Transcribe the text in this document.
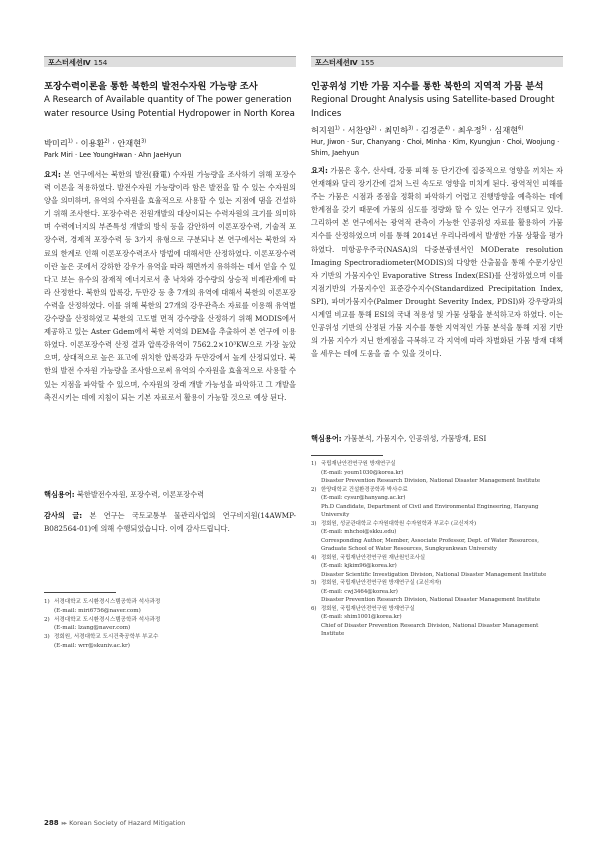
포스터세션Ⅳ 154
포장수력이론을 통한 북한의 발전수자원 가능량 조사
A Research of Available quantity of The power generation water resource Using Potential Hydropower in North Korea
박미리$^{1)}$ · 이용환$^{2)}$ · 안재현$^{3)}$
Park Miri · Lee YoungHwan · Ahn JaeHyun
요지: 본 연구에서는 북한의 발전(發電) 수자원 가능량을 조사하기 위해 포장수력 이론을 적용하였다. 발전수자원 가능량이라 함은 발전을 할 수 있는 수자원의 양을 의미하며, 유역의 수자원을 효율적으로 사용할 수 있는 지점에 댐을 건설하기 위해 조사한다. 포장수력은 전원개발의 대상이되는 수력자원의 크기를 의미하며 수력에너지의 부존특성 개발의 방식 등을 감안하여 이론포장수력, 기술적 포장수력, 경제적 포장수력 등 3가지 유형으로 구분되나 본 연구에서는 북한의 자료의 한계로 인해 이론포장수력조사 방법에 대해서만 산정하였다. 이론포장수력이란 높은 곳에서 강하한 강우가 유역을 따라 해면까지 유하하는 데서 얻을 수 있다고 보는 유수의 잠재적 에너지로서 총 낙차와 강수량의 상승적 비례관계에 따라 산정한다. 북한의 압록강, 두만강 등 총 7개의 유역에 대해서 북한의 이론포장수력을 산정하였다. 이를 위해 북한의 27개의 강우관측소 자료를 이용해 유역별 강수량을 산정하였고 북한의 고도별 면적 강수량을 산정하기 위해 MODIS에서 제공하고 있는 Aster Gdem에서 북한 지역의 DEM을 추출하여 본 연구에 이용하였다. 이론포장수력 산정 결과 압록강유역이 7562.2×10³KW으로 가장 높았으며, 상대적으로 높은 표고에 위치한 압록강과 두만강에서 높게 산정되었다. 북한의 발전 수자원 가능량을 조사함으로써 유역의 수자원을 효율적으로 사용할 수 있는 지점을 파악할 수 있으며, 수자원의 장래 개발 가능성을 파악하고 그 개발을 촉진시키는 데에 지침이 되는 기본 자료로서 활용이 가능할 것으로 예상 된다.
핵심용어: 북한발전수자원, 포장수력, 이론포장수력
감사의 글: 본 연구는 국토교통부 물관리사업의 연구비지원(14AWMP-B082564-01)에 의해 수행되었습니다. 이에 감사드립니다.
1) 서경대학교 도시환경시스템공학과 석사과정
(E-mail: miri6756@naver.com)
2) 서경대학교 도시환경시스템공학과 석사과정
(E-mail: lzang@naver.com)
3) 정회원, 서경대학교 도시건축공학부 부교수
(E-mail: wrr@skuniv.ac.kr)
포스터세션Ⅳ 155
인공위성 기반 가뭄 지수를 통한 북한의 지역적 가뭄 분석
Regional Drought Analysis using Satellite-based Drought Indices
허지원$^{1)}$ · 서찬양$^{2)}$ · 최민하$^{3)}$ · 김경준$^{4)}$ · 최우정$^{5)}$ · 심재현$^{6)}$
Hur, Jiwon · Sur, Chanyang · Choi, Minha · Kim, Kyungjun · Choi, Woojung · Shim, Jaehyun
요지: 가뭄은 홍수, 산사태, 강풍 피해 등 단기간에 집중적으로 영향을 끼치는 자연재해와 달리 장기간에 걸쳐 느린 속도로 영향을 미치게 된다. 광역적인 피해를 주는 가뭄은 시점과 종점을 정확히 파악하기 어렵고 진행방향을 예측하는 데에 한계점을 갖기 때문에 가뭄의 심도를 정량화 할 수 있는 연구가 진행되고 있다. 그리하여 본 연구에서는 광역적 관측이 가능한 인공위성 자료를 활용하여 가뭄 지수를 산정하였으며 이를 통해 2014년 우리나라에서 발생한 가뭄 상황을 평가 하였다. 미항공우주국(NASA)의 다중분광센서인 MODerate resolution Imaging Spectroradiometer(MODIS)의 다양한 산출물을 통해 수문기상인자 기반의 가뭄지수인 Evaporative Stress Index(ESI)를 산정하였으며 이를 지점기반의 가뭄지수인 표준강수지수(Standardized Precipitation Index, SPI), 파머가뭄지수(Palmer Drought Severity Index, PDSI)와 강우량과의 시계열 비교를 통해 ESI의 국내 적용성 및 가뭄 상황을 분석하고자 하였다. 이는 인공위성 기반의 산정된 가뭄 지수를 통한 지역적인 가뭄 분석을 통해 지점 기반의 가뭄 지수가 지닌 한계점을 극복하고 각 지역에 따라 차별화된 가뭄 방재 대책을 세우는 데에 도움을 줄 수 있을 것이다.
핵심용어: 가뭄분석, 가뭄지수, 인공위성, 가뭄방재, ESI
1) 국립재난안전연구원 방재연구실
(E-mail: youm1030@korea.kr)
Disaster Prevention Research Division, National Disaster Management Institute
2) 한양대학교 건설환경공학과 박사수료
(E-mail: cysur@hanyang.ac.kr)
Ph.D Candidate, Department of Civil and Environmental Engineering, Hanyang University
3) 정회원, 성균관대학교 수자원대학원 수자원학과 부교수 (교신저자)
(E-mail: mhchoi@skku.edu)
Corresponding Author, Member, Associate Professor, Dept. of Water Resources, Graduate School of Water Resources, Sungkyunkwan University
4) 정회원, 국립재난안전연구원 재난원인조사실
(E-mail: kjkim96@korea.kr)
Disaster Scientific Investigation Division, National Disaster Management Institute
5) 정회원, 국립재난안전연구원 방재연구실 (교신저자)
(E-mail: cwj3464@korea.kr)
Disaster Prevention Research Division, National Disaster Management Institute
6) 정회원, 국립재난안전연구원 방재연구실
(E-mail: shim1001@korea.kr)
Chief of Disaster Prevention Research Division, National Disaster Management Institute
288 ▸▸ Korean Society of Hazard Mitigation
